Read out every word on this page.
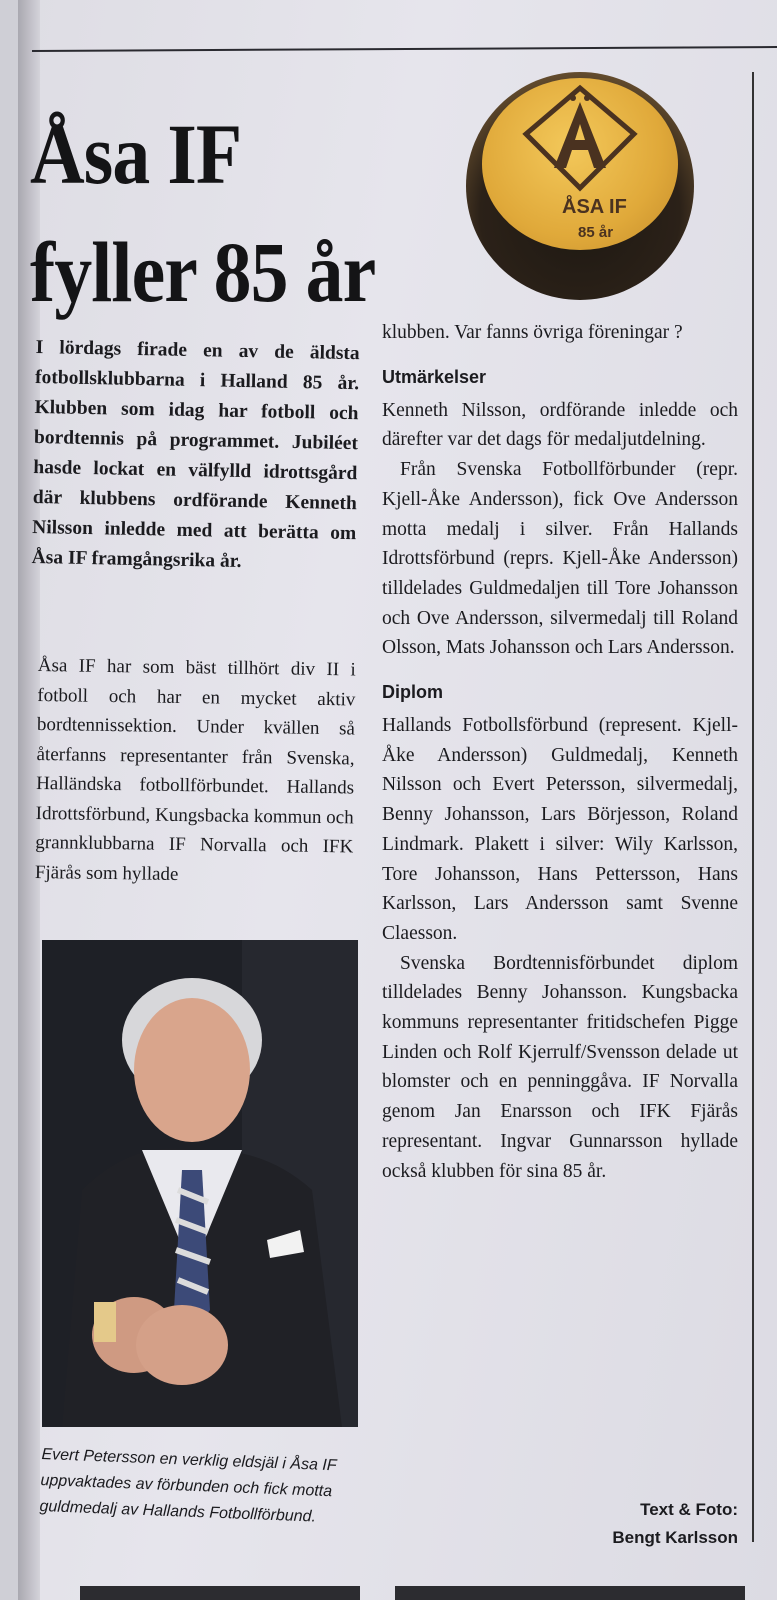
Åsa IF
fyller 85 år
ÅSA IF
85 år

I lördags firade en av de äldsta fotbollsklubbarna i Halland 85 år. Klubben som idag har fotboll och bordtennis på programmet. Jubiléet hasde lockat en välfylld idrottsgård där klubbens ordförande Kenneth Nilsson inledde med att berätta om Åsa IF framgångsrika år.

Åsa IF har som bäst tillhört div II i fotboll och har en mycket aktiv bordtennissektion. Under kvällen så återfanns representanter från Svenska, Halländska fotbollförbundet. Hallands Idrottsförbund, Kungsbacka kommun och grannklubbarna IF Norvalla och IFK Fjärås som hyllade

Evert Petersson en verklig eldsjäl i Åsa IF uppvaktades av förbunden och fick motta guldmedalj av Hallands Fotbollförbund.

klubben. Var fanns övriga föreningar ?

Utmärkelser

Kenneth Nilsson, ordförande inledde och därefter var det dags för medaljutdelning.

Från Svenska Fotbollförbunder (repr. Kjell-Åke Andersson), fick Ove Andersson motta medalj i silver. Från Hallands Idrottsförbund (reprs. Kjell-Åke Andersson) tilldelades Guldmedaljen till Tore Johansson och Ove Andersson, silvermedalj till Roland Olsson, Mats Johansson och Lars Andersson.

Diplom

Hallands Fotbollsförbund (represent. Kjell-Åke Andersson) Guldmedalj, Kenneth Nilsson och Evert Petersson, silvermedalj, Benny Johansson, Lars Börjesson, Roland Lindmark. Plakett i silver: Wily Karlsson, Tore Johansson, Hans Pettersson, Hans Karlsson, Lars Andersson samt Svenne Claesson.

Svenska Bordtennisförbundet diplom tilldelades Benny Johansson. Kungsbacka kommuns representanter fritidschefen Pigge Linden och Rolf Kjerrulf/Svensson delade ut blomster och en penninggåva. IF Norvalla genom Jan Enarsson och IFK Fjärås representant. Ingvar Gunnarsson hyllade också klubben för sina 85 år.

Text & Foto:
Bengt Karlsson
